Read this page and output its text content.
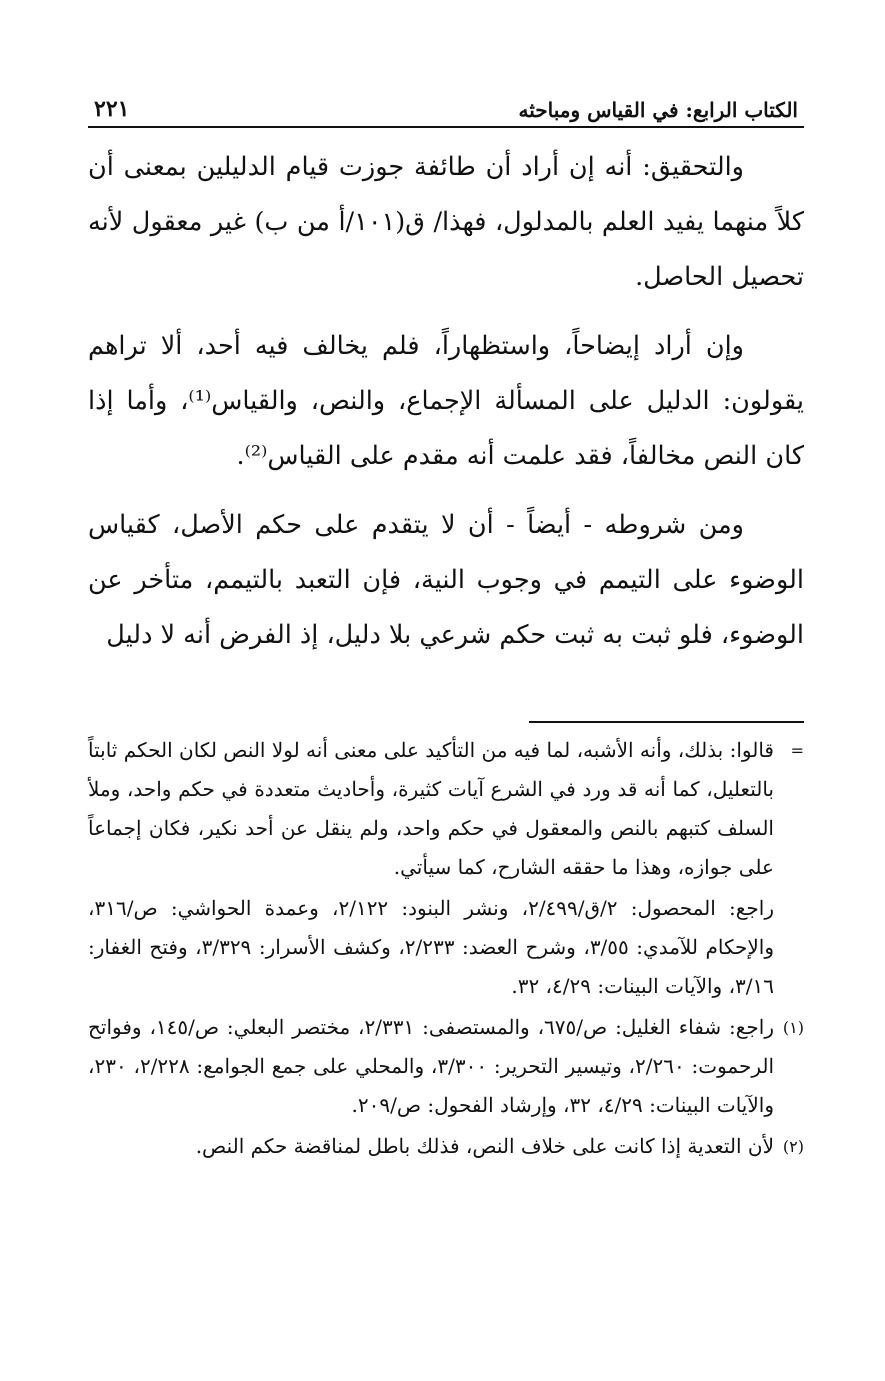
الكتاب الرابع: في القياس ومباحثه
٢٢١

والتحقيق: أنه إن أراد أن طائفة جوزت قيام الدليلين بمعنى أن كلاً منهما يفيد العلم بالمدلول، فهذا/ ق(١٠١/أ من ب) غير معقول لأنه تحصيل الحاصل.

وإن أراد إيضاحاً، واستظهاراً، فلم يخالف فيه أحد، ألا تراهم يقولون: الدليل على المسألة الإجماع، والنص، والقياس⁽¹⁾، وأما إذا كان النص مخالفاً، فقد علمت أنه مقدم على القياس⁽²⁾.

ومن شروطه - أيضاً - أن لا يتقدم على حكم الأصل، كقياس الوضوء على التيمم في وجوب النية، فإن التعبد بالتيمم، متأخر عن الوضوء، فلو ثبت به ثبت حكم شرعي بلا دليل، إذ الفرض أنه لا دليل

=
قالوا: بذلك، وأنه الأشبه، لما فيه من التأكيد على معنى أنه لولا النص لكان الحكم ثابتاً بالتعليل، كما أنه قد ورد في الشرع آيات كثيرة، وأحاديث متعددة في حكم واحد، وملأ السلف كتبهم بالنص والمعقول في حكم واحد، ولم ينقل عن أحد نكير، فكان إجماعاً على جوازه، وهذا ما حققه الشارح، كما سيأتي.

راجع: المحصول: ٢/ق/٢/٤٩٩، ونشر البنود: ٢/١٢٢، وعمدة الحواشي: ص/٣١٦، والإحكام للآمدي: ٣/٥٥، وشرح العضد: ٢/٢٣٣، وكشف الأسرار: ٣/٣٢٩، وفتح الغفار: ٣/١٦، والآيات البينات: ٤/٢٩، ٣٢.

(١)
راجع: شفاء الغليل: ص/٦٧٥، والمستصفى: ٢/٣٣١، مختصر البعلي: ص/١٤٥، وفواتح الرحموت: ٢/٢٦٠، وتيسير التحرير: ٣/٣٠٠، والمحلي على جمع الجوامع: ٢/٢٢٨، ٢٣٠، والآيات البينات: ٤/٢٩، ٣٢، وإرشاد الفحول: ص/٢٠٩.

(٢)
لأن التعدية إذا كانت على خلاف النص، فذلك باطل لمناقضة حكم النص.
